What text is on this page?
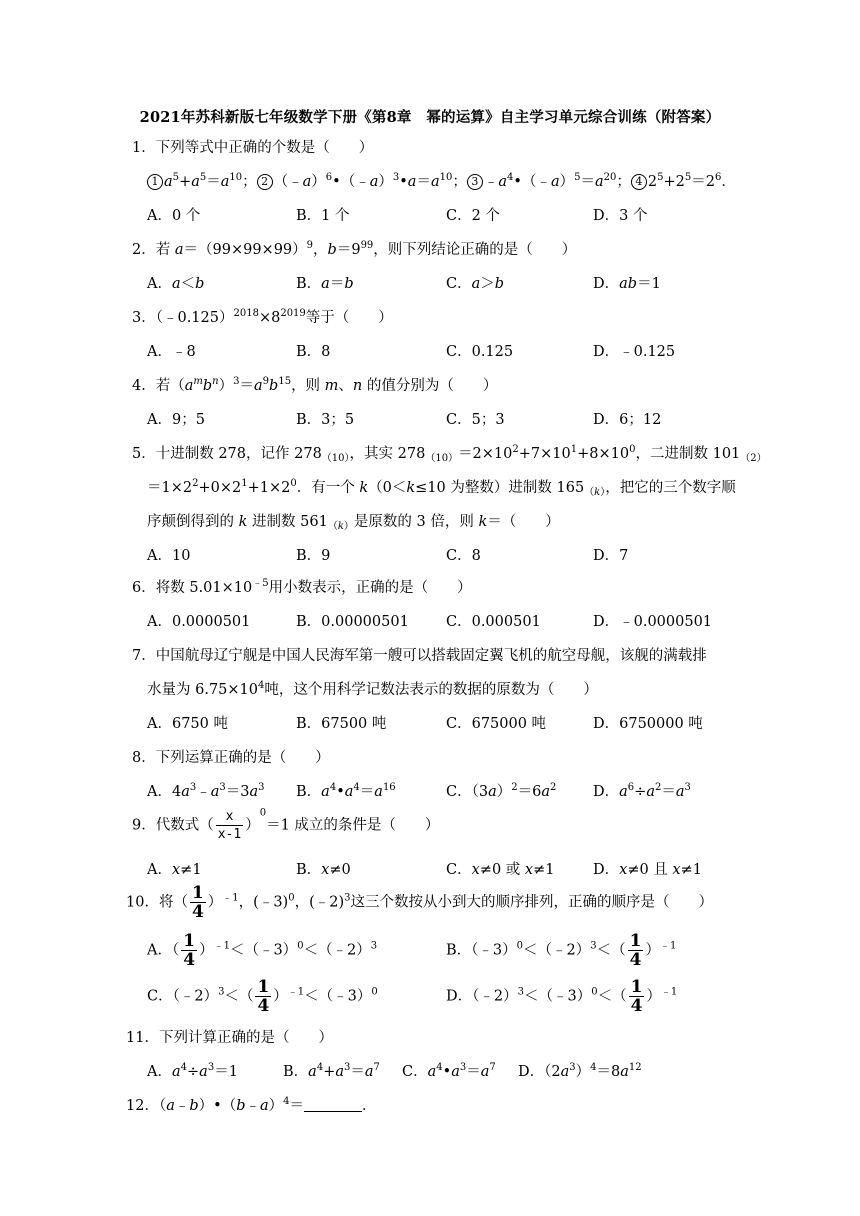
2021年苏科新版七年级数学下册《第8章　幂的运算》自主学习单元综合训练（附答案）
1．下列等式中正确的个数是（　　）
1 $a^5+a^5=a^{10}$； 2 $(﹣a)^6•(﹣a)^3•a=a^{10}$； 3 $﹣a^4•(﹣a)^5=a^{20}$； 4 $2^5+2^5=2^6$．
A．0 个	B．1 个	C．2 个	D．3 个
2．若 $a=(99\times 99\times 99)^9$，$b=9^{99}$，则下列结论正确的是（　　）
A．a＜b	B．a＝b	C．a＞b	D．ab＝1
3．$(﹣0.125)^{2018}\times 8^{2019}$等于（　　）
A．﹣8	B．8	C．0.125	D．﹣0.125
4．若$(a^mb^n)^3=a^9b^{15}$，则 m、n 的值分别为（　　）
A．9；5	B．3；5	C．5；3	D．6；12
5．十进制数 278，记作 $278_{(10)}$，其实 $278_{(10)}=2\times 10^2+7\times 10^1+8\times 10^0$，二进制数 $101_{(2)}$
$=1\times 2^2+0\times 2^1+1\times 2^0$．有一个 k（0＜k≤10 为整数）进制数 $165_{(k)}$，把它的三个数字顺
序颠倒得到的 k 进制数 $561_{(k)}$是原数的 3 倍，则 k＝（　　）
A．10	B．9	C．8	D．7
6．将数 $5.01\times 10^{﹣5}$用小数表示，正确的是（　　）
A．0.0000501	B．0.00000501	C．0.000501	D．﹣0.0000501
7．中国航母辽宁舰是中国人民海军第一艘可以搭载固定翼飞机的航空母舰，该舰的满载排
水量为 $6.75\times 10^4$吨，这个用科学记数法表示的数据的原数为（　　）
A．6750 吨	B．67500 吨	C．675000 吨	D．6750000 吨
8．下列运算正确的是（　　）
A．$4a^3﹣a^3=3a^3$ B．$a^4•a^4=a^{16}$	C．$(3a)^2=6a^2$	D．$a^6\div a^2=a^3$
9．代数式（ $\frac{x}{x-1} )^0=1$ 成立的条件是（　　）
A．x≠1	B．x≠0	C．x≠0 或 x≠1	D．x≠0 且 x≠1
10．将（ $\frac{1}{4} )^{﹣1}$，(﹣3)$^0$，(﹣2)$^3$这三个数按从小到大的顺序排列，正确的顺序是（　　）
A．（ $\frac{1}{4}$ ）$^{﹣1}$＜（﹣3）$^0$＜（﹣2）$^3$	B．（﹣3）$^0$＜（﹣2）$^3$＜（ $\frac{1}{4} )^{﹣1}$
C．（﹣2）$^3$＜（ $\frac{1}{4}$ ）$^{﹣1}$＜（﹣3）$^0$	D．（﹣2）$^3$＜（﹣3）$^0$＜（ $\frac{1}{4} )^{﹣1}$
11．下列计算正确的是（　　）
A．$a^4\div a^3=1$	B．$a^4+a^3=a^7$ C．$a^4•a^3=a^7$ D．$(2a^3)^4=8a^{12}$
12．（a﹣b）•（b﹣a）$^4$＝	．
